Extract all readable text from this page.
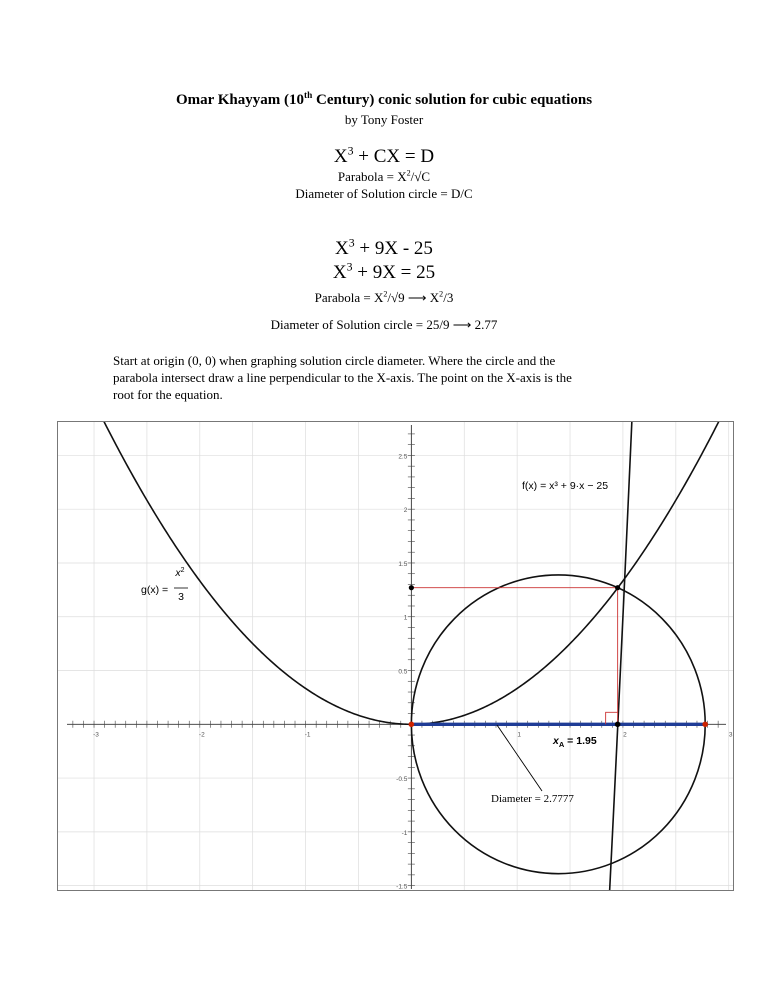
Omar Khayyam (10th Century) conic solution for cubic equations
by Tony Foster
$X^3$ + CX = D
Parabola = $X^2/√C$
Diameter of Solution circle = D/C
$X^3 + 9X - 25$
$X^3 + 9X = 25$
Parabola = $X^2/√9$ ⟶ $X^2/3$
Diameter of Solution circle = 25/9 ⟶ 2.77
Start at origin (0, 0) when graphing solution circle diameter. Where the circle and the
parabola intersect draw a line perpendicular to the X-axis. The point on the X-axis is the
root for the equation.
-3	-2	-1	1	2	3
2.5
2
1.5
1
0.5
-0.5
-1
-1.5
g(x) =
$x^2$
3
f(x) = x³ + 9·x − 25
$x_A = 1.95$
Diameter = 2.7777
